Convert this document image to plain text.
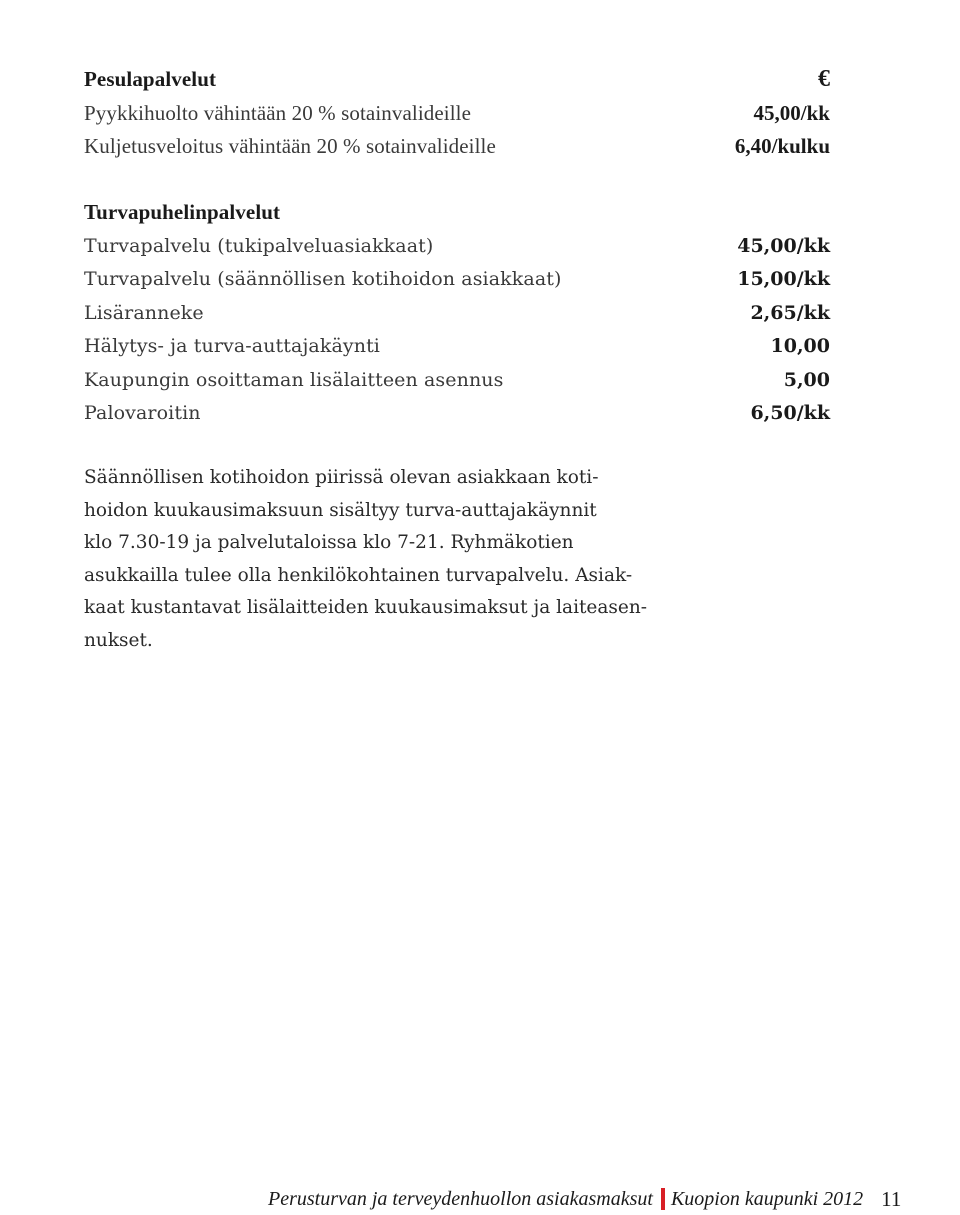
Pesulapalvelut	€
Pyykkihuolto vähintään 20 % sotainvalideille	45,00/kk
Kuljetusveloitus vähintään 20 % sotainvalideille	6,40/kulku
Turvapuhelinpalvelut
Turvapalvelu (tukipalveluasiakkaat)	45,00/kk
Turvapalvelu (säännöllisen kotihoidon asiakkaat)	15,00/kk
Lisäranneke	2,65/kk
Hälytys- ja turva-auttajakäynti	10,00
Kaupungin osoittaman lisälaitteen asennus	5,00
Palovaroitin	6,50/kk

Säännöllisen kotihoidon piirissä olevan asiakkaan koti-
hoidon kuukausimaksuun sisältyy turva-auttajakäynnit
klo 7.30-19 ja palvelutaloissa klo 7-21. Ryhmäkotien
asukkailla tulee olla henkilökohtainen turvapalvelu. Asiak-
kaat kustantavat lisälaitteiden kuukausimaksut ja laiteasen-
nukset.

Perusturvan ja terveydenhuollon asiakasmaksut Kuopion kaupunki 2012 11
